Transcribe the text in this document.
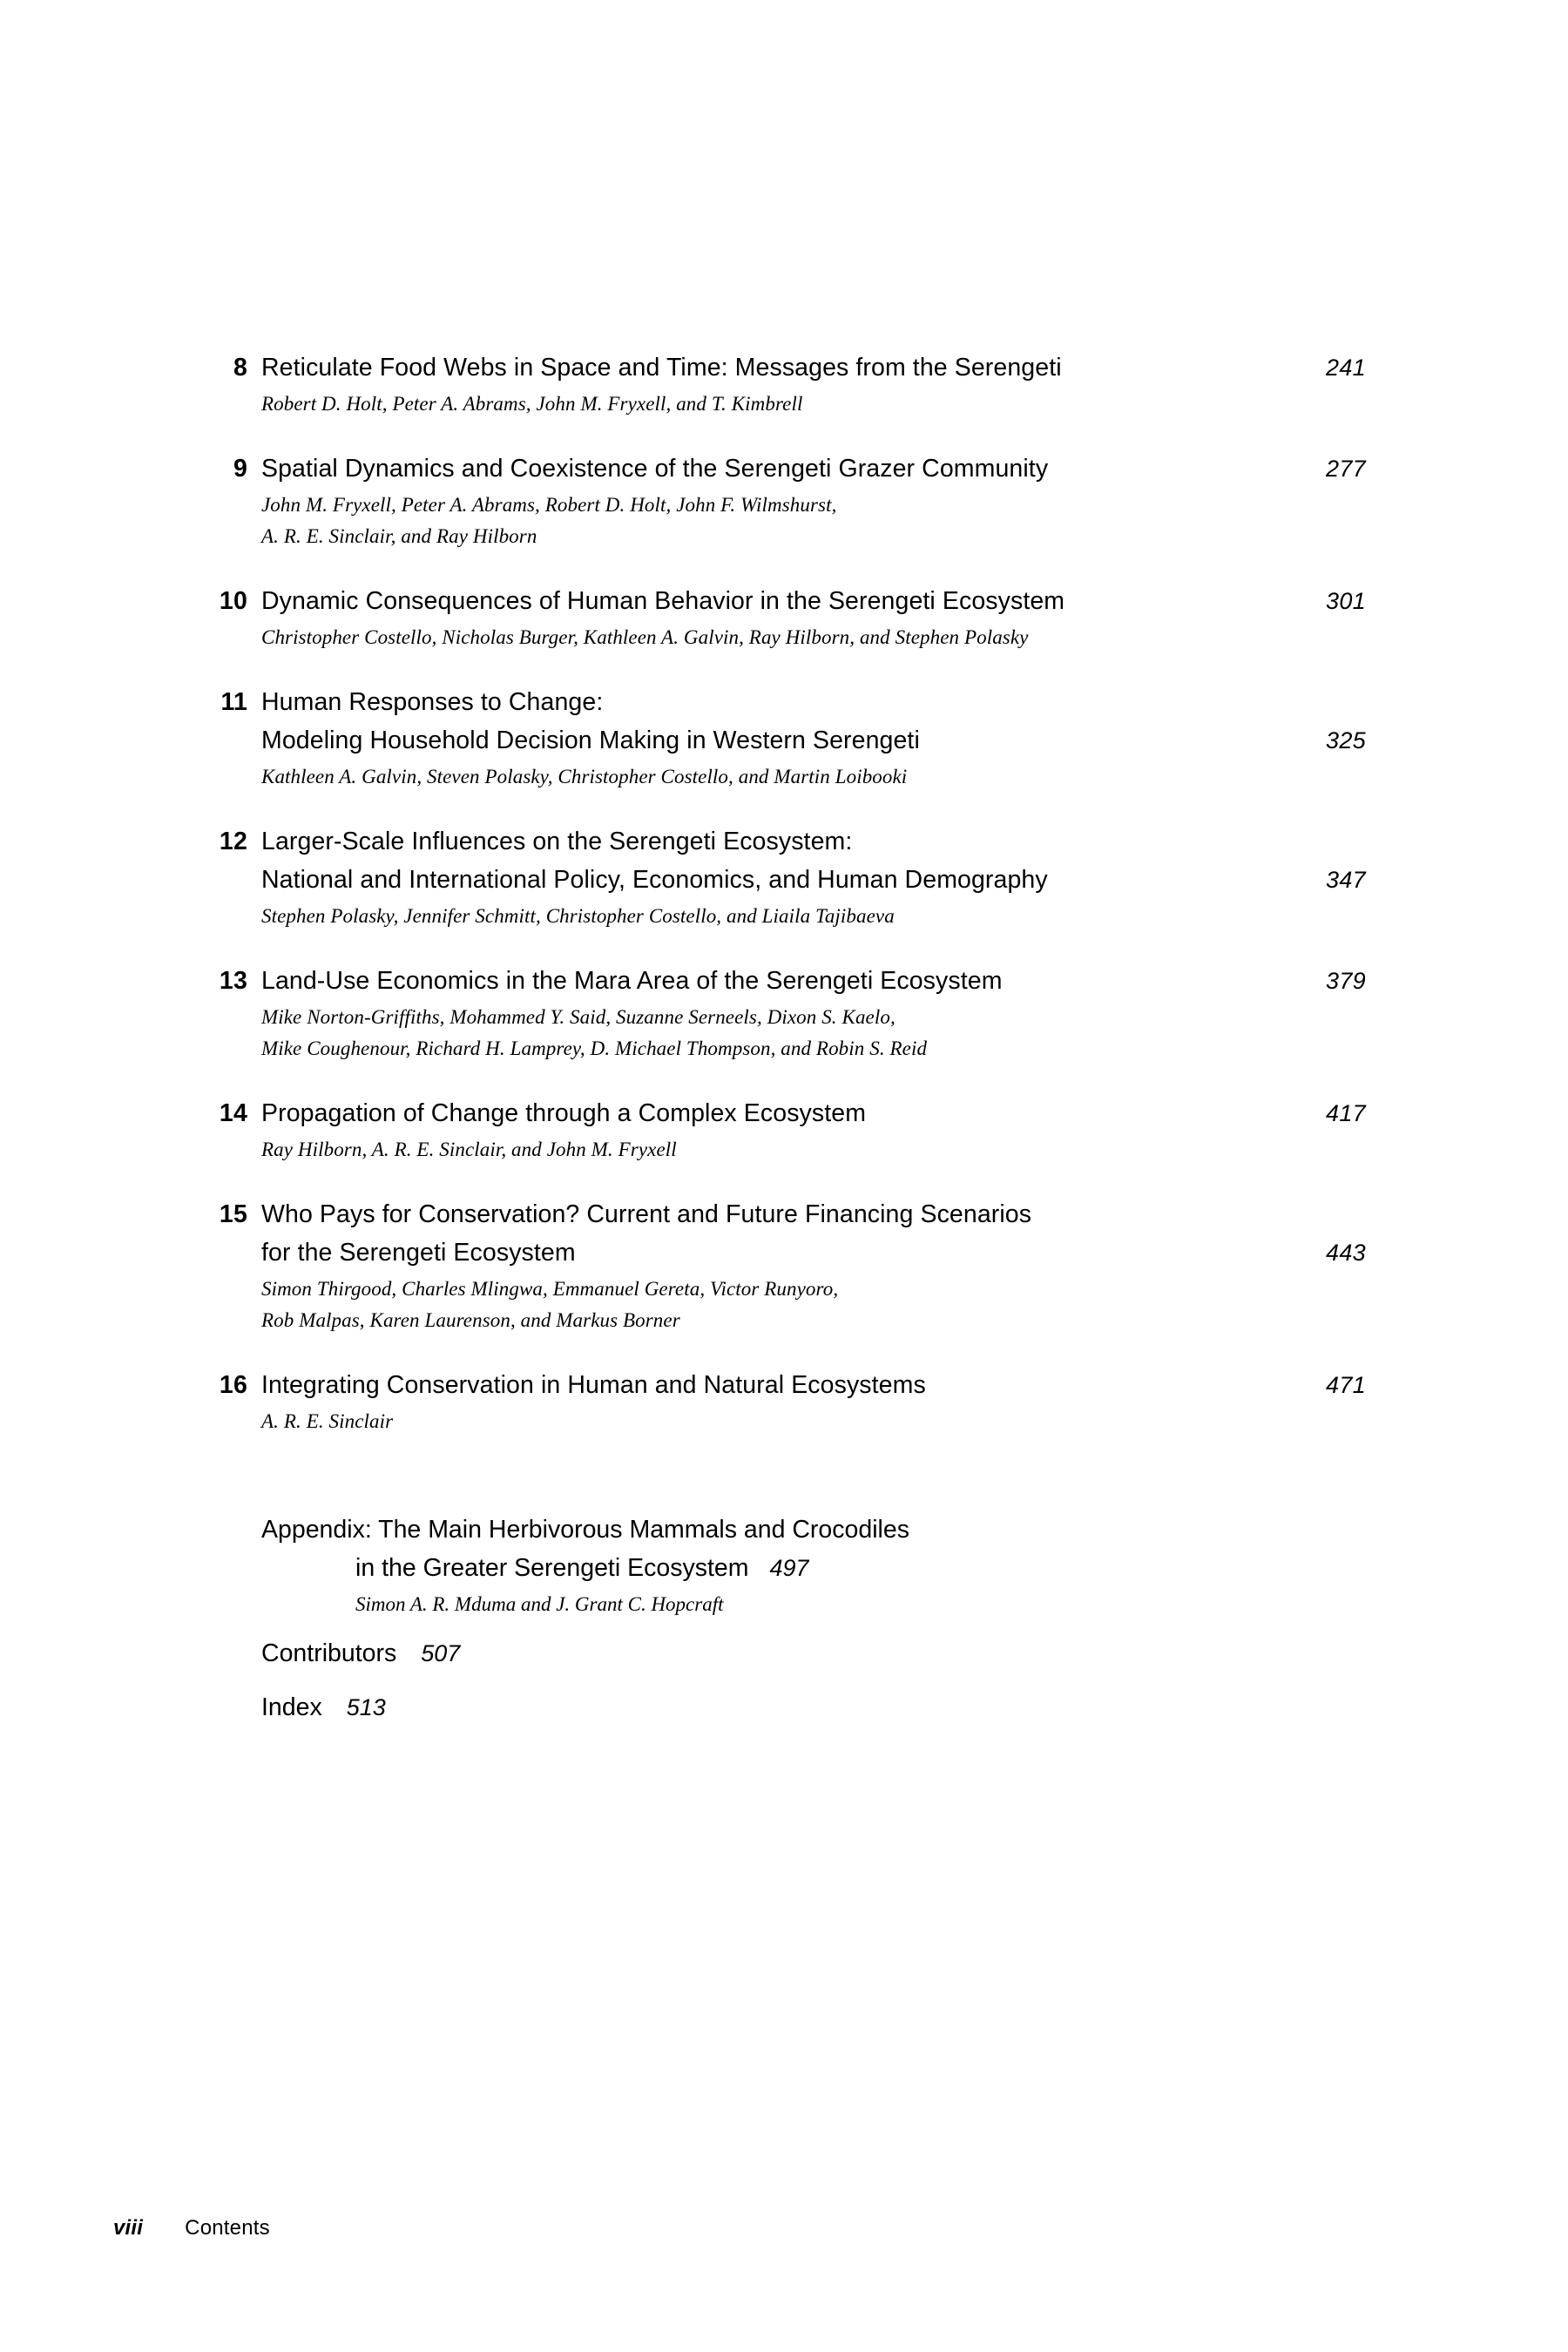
8 Reticulate Food Webs in Space and Time: Messages from the Serengeti	241
Robert D. Holt, Peter A. Abrams, John M. Fryxell, and T. Kimbrell
9 Spatial Dynamics and Coexistence of the Serengeti Grazer Community	277
John M. Fryxell, Peter A. Abrams, Robert D. Holt, John F. Wilmshurst,
A. R. E. Sinclair, and Ray Hilborn
10 Dynamic Consequences of Human Behavior in the Serengeti Ecosystem	301
Christopher Costello, Nicholas Burger, Kathleen A. Galvin, Ray Hilborn, and Stephen Polasky
11 Human Responses to Change:
Modeling Household Decision Making in Western Serengeti	325
Kathleen A. Galvin, Steven Polasky, Christopher Costello, and Martin Loibooki
12 Larger-Scale Influences on the Serengeti Ecosystem:
National and International Policy, Economics, and Human Demography	347
Stephen Polasky, Jennifer Schmitt, Christopher Costello, and Liaila Tajibaeva
13 Land-Use Economics in the Mara Area of the Serengeti Ecosystem	379
Mike Norton-Griffiths, Mohammed Y. Said, Suzanne Serneels, Dixon S. Kaelo,
Mike Coughenour, Richard H. Lamprey, D. Michael Thompson, and Robin S. Reid
14 Propagation of Change through a Complex Ecosystem	417
Ray Hilborn, A. R. E. Sinclair, and John M. Fryxell
15 Who Pays for Conservation? Current and Future Financing Scenarios
for the Serengeti Ecosystem	443
Simon Thirgood, Charles Mlingwa, Emmanuel Gereta, Victor Runyoro,
Rob Malpas, Karen Laurenson, and Markus Borner
16 Integrating Conservation in Human and Natural Ecosystems	471
A. R. E. Sinclair
Appendix: The Main Herbivorous Mammals and Crocodiles
in the Greater Serengeti Ecosystem 497
Simon A. R. Mduma and J. Grant C. Hopcraft
Contributors 507
Index 513
viii Contents
